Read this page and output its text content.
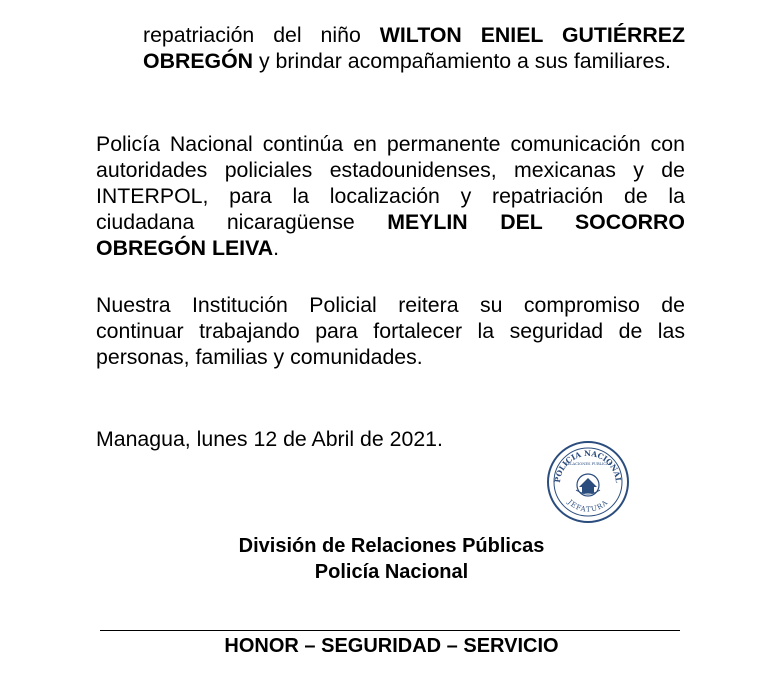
repatriación del niño WILTON ENIEL GUTIÉRREZ OBREGÓN y brindar acompañamiento a sus familiares.
Policía Nacional continúa en permanente comunicación con autoridades policiales estadounidenses, mexicanas y de INTERPOL, para la localización y repatriación de la ciudadana nicaragüense MEYLIN DEL SOCORRO OBREGÓN LEIVA.
Nuestra Institución Policial reitera su compromiso de continuar trabajando para fortalecer la seguridad de las personas, familias y comunidades.
Managua, lunes 12 de Abril de 2021.
POLICIA NACIONAL
RELACIONES PUBLICAS
JEFATURA
División de Relaciones Públicas
Policía Nacional
HONOR – SEGURIDAD – SERVICIO
